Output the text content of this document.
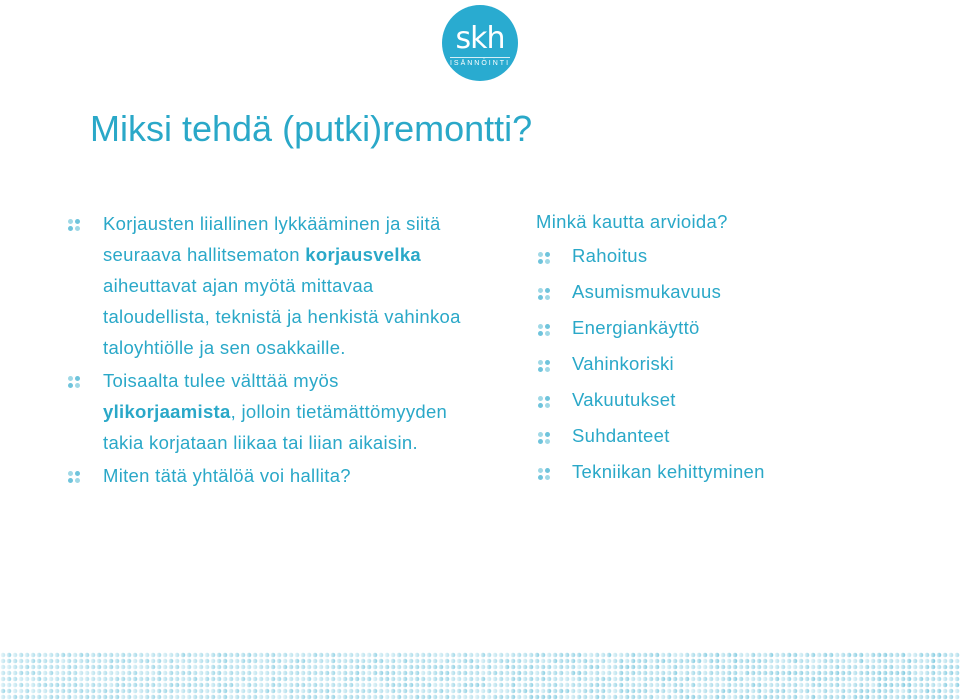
skh
ISÄNNÖINTI
Miksi tehdä (putki)remontti?
Korjausten liiallinen lykkääminen ja siitä seuraava hallitsematon korjausvelka aiheuttavat ajan myötä mittavaa taloudellista, teknistä ja henkistä vahinkoa taloyhtiölle ja sen osakkaille.
Toisaalta tulee välttää myös ylikorjaamista, jolloin tietämättömyyden takia korjataan liikaa tai liian aikaisin.
Miten tätä yhtälöä voi hallita?
Minkä kautta arvioida?
Rahoitus
Asumismukavuus
Energiankäyttö
Vahinkoriski
Vakuutukset
Suhdanteet
Tekniikan kehittyminen
